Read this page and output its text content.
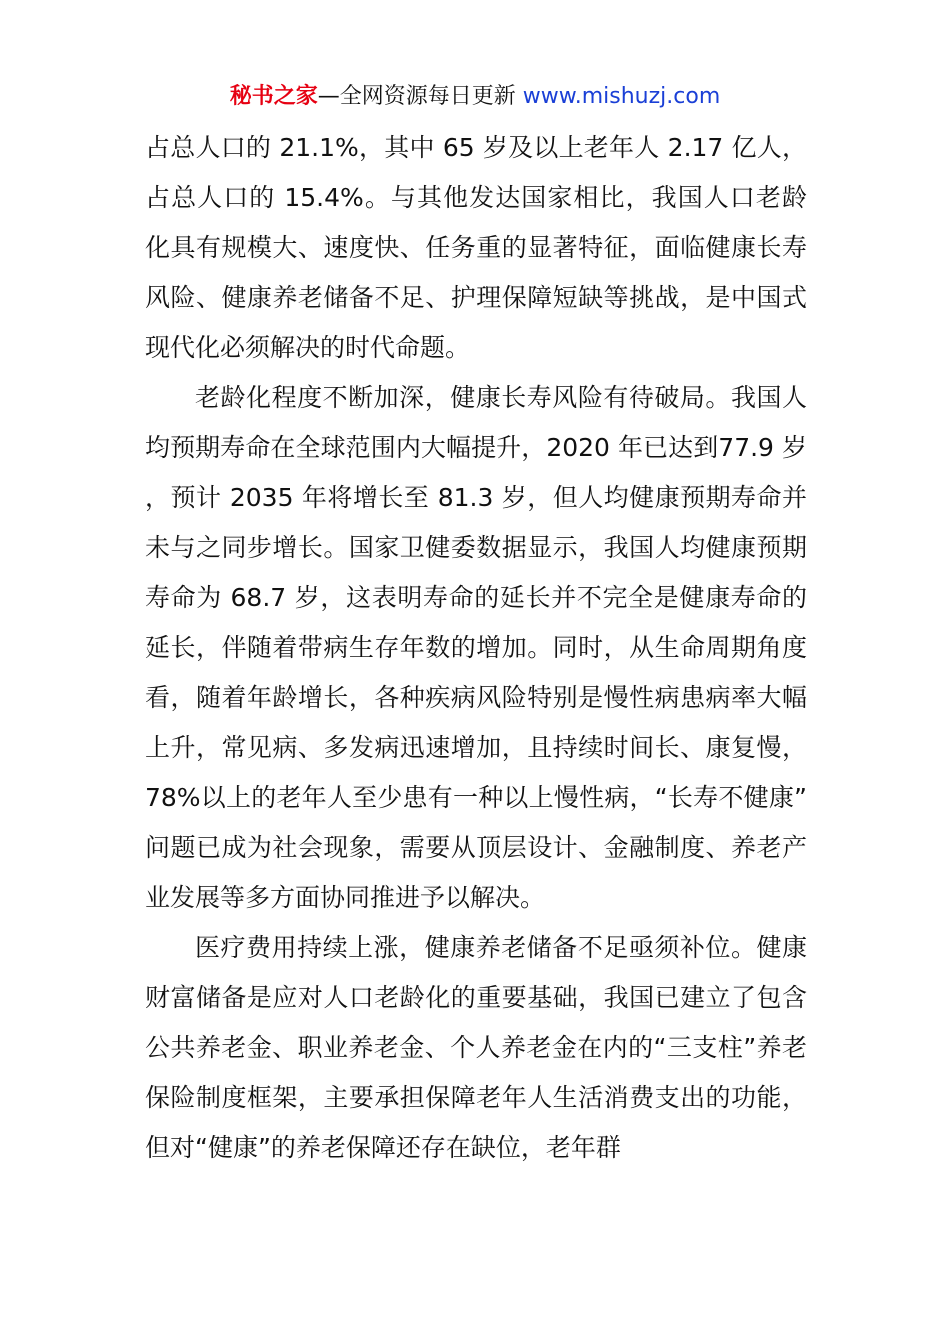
秘书之家—全网资源每日更新 www.mishuzj.com

占总人口的 21.1%，其中 65 岁及以上老年人 2.17 亿人，占总人口的 15.4%。与其他发达国家相比，我国人口老龄化具有规模大、速度快、任务重的显著特征，面临健康长寿风险、健康养老储备不足、护理保障短缺等挑战，是中国式现代化必须解决的时代命题。

老龄化程度不断加深，健康长寿风险有待破局。我国人均预期寿命在全球范围内大幅提升，2020 年已达到77.9 岁，预计 2035 年将增长至 81.3 岁，但人均健康预期寿命并未与之同步增长。国家卫健委数据显示，我国人均健康预期寿命为 68.7 岁，这表明寿命的延长并不完全是健康寿命的延长，伴随着带病生存年数的增加。同时，从生命周期角度看，随着年龄增长，各种疾病风险特别是慢性病患病率大幅上升，常见病、多发病迅速增加，且持续时间长、康复慢，78%以上的老年人至少患有一种以上慢性病，“长寿不健康”问题已成为社会现象，需要从顶层设计、金融制度、养老产业发展等多方面协同推进予以解决。

医疗费用持续上涨，健康养老储备不足亟须补位。健康财富储备是应对人口老龄化的重要基础，我国已建立了包含公共养老金、职业养老金、个人养老金在内的“三支柱”养老保险制度框架，主要承担保障老年人生活消费支出的功能，但对“健康”的养老保障还存在缺位，老年群
